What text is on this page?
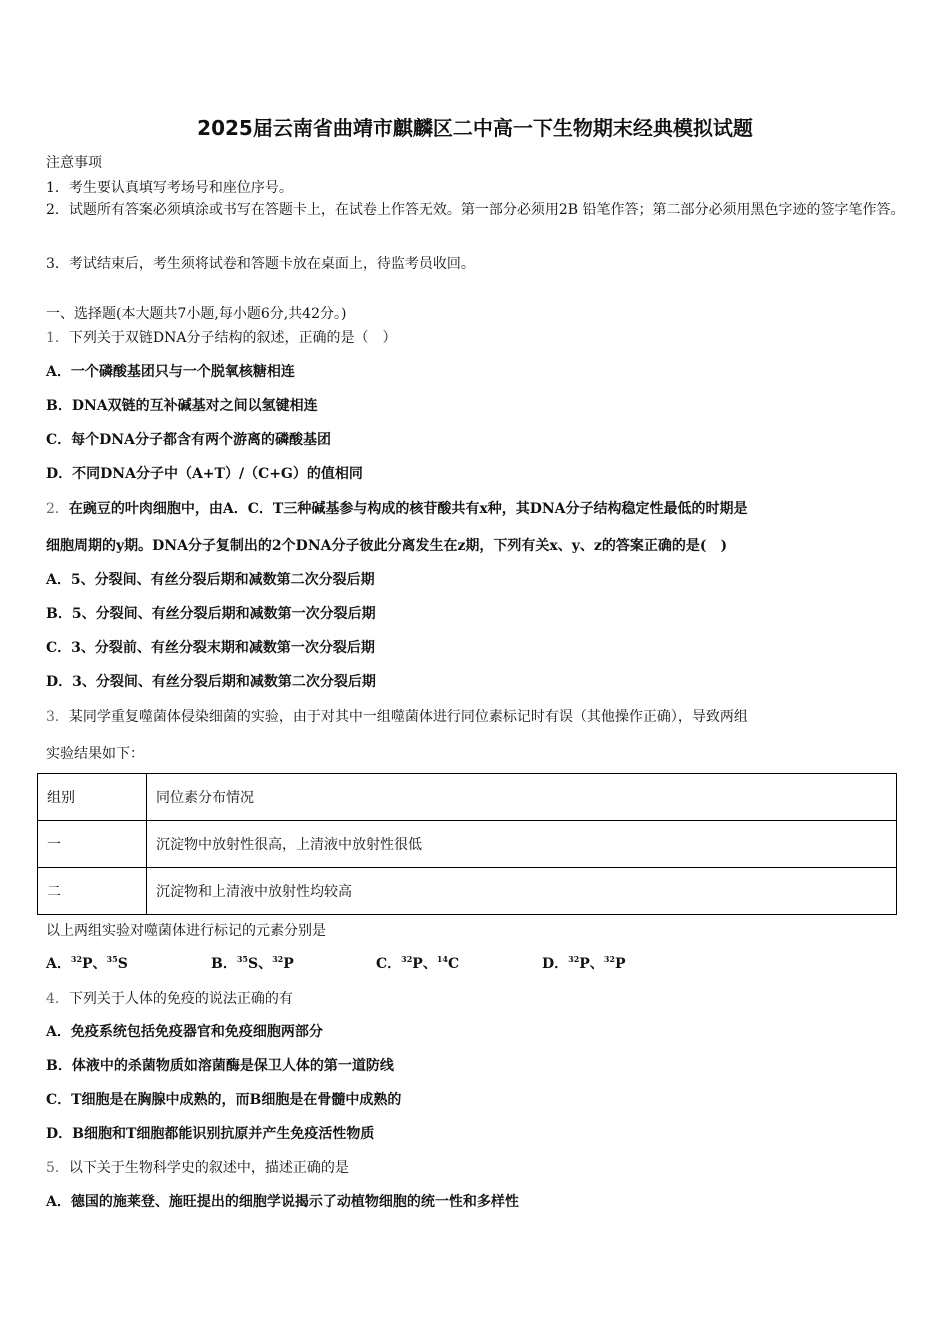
2025届云南省曲靖市麒麟区二中高一下生物期末经典模拟试题
注意事项
1．考生要认真填写考场号和座位序号。
2．试题所有答案必须填涂或书写在答题卡上，在试卷上作答无效。第一部分必须用2B 铅笔作答；第二部分必须用黑色字迹的签字笔作答。
3．考试结束后，考生须将试卷和答题卡放在桌面上，待监考员收回。
一、选择题(本大题共7小题,每小题6分,共42分。)
1．下列关于双链DNA分子结构的叙述，正确的是（　）
A．一个磷酸基团只与一个脱氧核糖相连
B．DNA双链的互补碱基对之间以氢键相连
C．每个DNA分子都含有两个游离的磷酸基团
D．不同DNA分子中（A+T）/（C+G）的值相同
2．在豌豆的叶肉细胞中，由A．C．T三种碱基参与构成的核苷酸共有x种，其DNA分子结构稳定性最低的时期是
细胞周期的y期。DNA分子复制出的2个DNA分子彼此分离发生在z期，下列有关x、y、z的答案正确的是(　)
A．5、分裂间、有丝分裂后期和减数第二次分裂后期
B．5、分裂间、有丝分裂后期和减数第一次分裂后期
C．3、分裂前、有丝分裂末期和减数第一次分裂后期
D．3、分裂间、有丝分裂后期和减数第二次分裂后期
3．某同学重复噬菌体侵染细菌的实验，由于对其中一组噬菌体进行同位素标记时有误（其他操作正确），导致两组
实验结果如下：
组别	同位素分布情况
一	沉淀物中放射性很高，上清液中放射性很低
二	沉淀物和上清液中放射性均较高
以上两组实验对噬菌体进行标记的元素分别是
A．$^{32}$P、$^{35}$S	B．$^{35}$S、$^{32}$P	C．$^{32}$P、$^{14}$C	D．$^{32}$P、$^{32}$P
4．下列关于人体的免疫的说法正确的有
A．免疫系统包括免疫器官和免疫细胞两部分
B．体液中的杀菌物质如溶菌酶是保卫人体的第一道防线
C．T细胞是在胸腺中成熟的，而B细胞是在骨髓中成熟的
D．B细胞和T细胞都能识别抗原并产生免疫活性物质
5．以下关于生物科学史的叙述中，描述正确的是
A．德国的施莱登、施旺提出的细胞学说揭示了动植物细胞的统一性和多样性
